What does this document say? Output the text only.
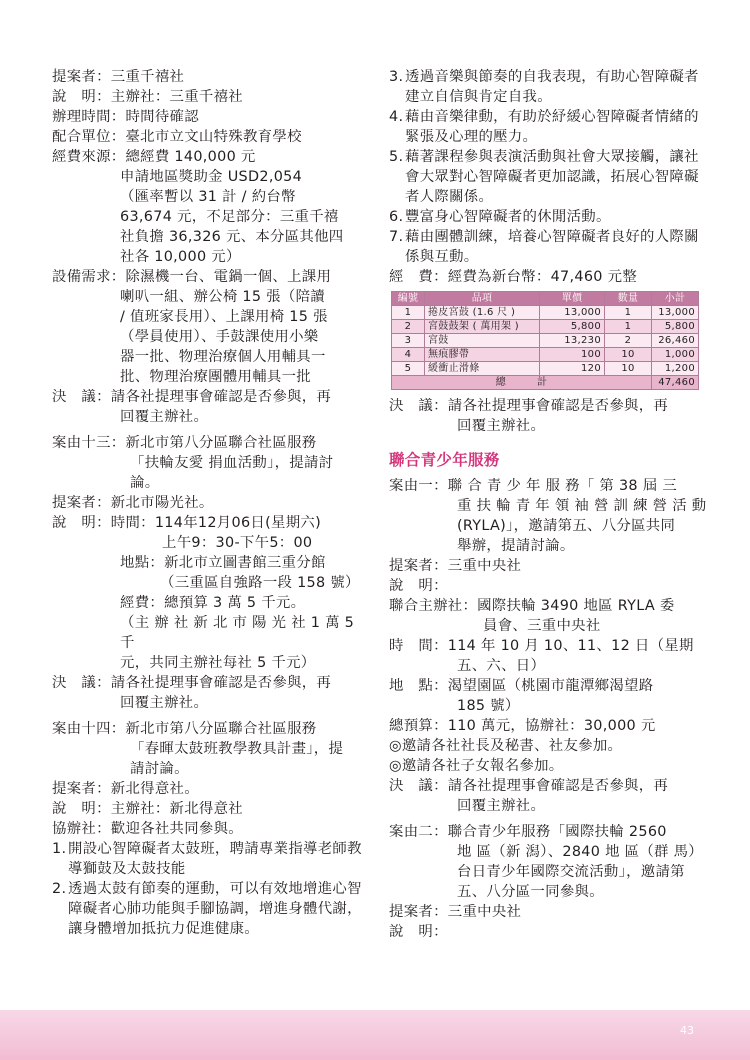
提案者： 三重千禧社
說　明： 主辦社：三重千禧社
辦理時間： 時間待確認
配合單位： 臺北市立文山特殊教育學校
經費來源： 總經費 140,000 元
申請地區獎助金 USD2,054
（匯率暫以 31 計 / 約台幣
63,674 元，不足部分：三重千禧
社負擔 36,326 元、本分區其他四
社各 10,000 元）
設備需求： 除濕機一台、電鍋一個、上課用
喇叭一組、辦公椅 15 張（陪讀
/ 值班家長用）、上課用椅 15 張
（學員使用）、手鼓課使用小樂
器一批、物理治療個人用輔具一
批、物理治療團體用輔具一批
決　議： 請各社提理事會確認是否參與，再
回覆主辦社。
案由十三： 新北市第八分區聯合社區服務
「扶輪友愛 捐血活動」，提請討
論。
提案者： 新北市陽光社。
說　明： 時間：114年12月06日(星期六)
上午9：30-下午5：00
地點：新北市立圖書館三重分館
（三重區自強路一段 158 號）
經費：總預算 3 萬 5 千元。
（主 辦 社 新 北 市 陽 光 社 1 萬 5 千
元，共同主辦社每社 5 千元）
決　議： 請各社提理事會確認是否參與，再
回覆主辦社。
案由十四： 新北市第八分區聯合社區服務
「春暉太鼓班教學教具計畫」，提
請討論。
提案者： 新北得意社。
說　明： 主辦社：新北得意社
協辦社： 歡迎各社共同參與。
1. 開設心智障礙者太鼓班，聘請專業指導老師教導獅鼓及太鼓技能
2. 透過太鼓有節奏的運動，可以有效地增進心智障礙者心肺功能與手腳協調，增進身體代謝，讓身體增加抵抗力促進健康。
3. 透過音樂與節奏的自我表現，有助心智障礙者建立自信與肯定自我。
4. 藉由音樂律動，有助於紓緩心智障礙者情緒的緊張及心理的壓力。
5. 藉著課程參與表演活動與社會大眾接觸，讓社會大眾對心智障礙者更加認識，拓展心智障礙者人際關係。
6. 豐富身心智障礙者的休閒活動。
7. 藉由團體訓練，培養心智障礙者良好的人際關係與互動。
經　費： 經費為新台幣：47,460 元整
編號	品項	單價	數量	小計
1	捲皮宮鼓 (1.6 尺 )	13,000	1	13,000
2	宮鼓鼓架 ( 萬用架 )	5,800	1	5,800
3	宮鼓	13,230	2	26,460
4	無痕膠帶	100	10	1,000
5	緩衝止滑條	120	10	1,200
總　　　計				47,460
決　議： 請各社提理事會確認是否參與，再
回覆主辦社。
聯合青少年服務
案由一： 聯 合 青 少 年 服 務「 第 38 屆 三
重 扶 輪 青 年 領 袖 營 訓 練 營 活 動
(RYLA)」，邀請第五、八分區共同
舉辦，提請討論。
提案者： 三重中央社
說　明：
聯合主辦社： 國際扶輪 3490 地區 RYLA 委
員會、三重中央社
時　間： 114 年 10 月 10、11、12 日（星期
五、六、日）
地　點： 渴望園區（桃園市龍潭鄉渴望路
185 號）
總預算：110 萬元，協辦社：30,000 元
◎邀請各社社長及秘書、社友參加。
◎邀請各社子女報名參加。
決　議： 請各社提理事會確認是否參與，再
回覆主辦社。
案由二： 聯合青少年服務「國際扶輪 2560
地 區（新 潟）、2840 地 區（群 馬）
台日青少年國際交流活動」，邀請第
五、八分區一同參與。
提案者： 三重中央社
說　明：
43
